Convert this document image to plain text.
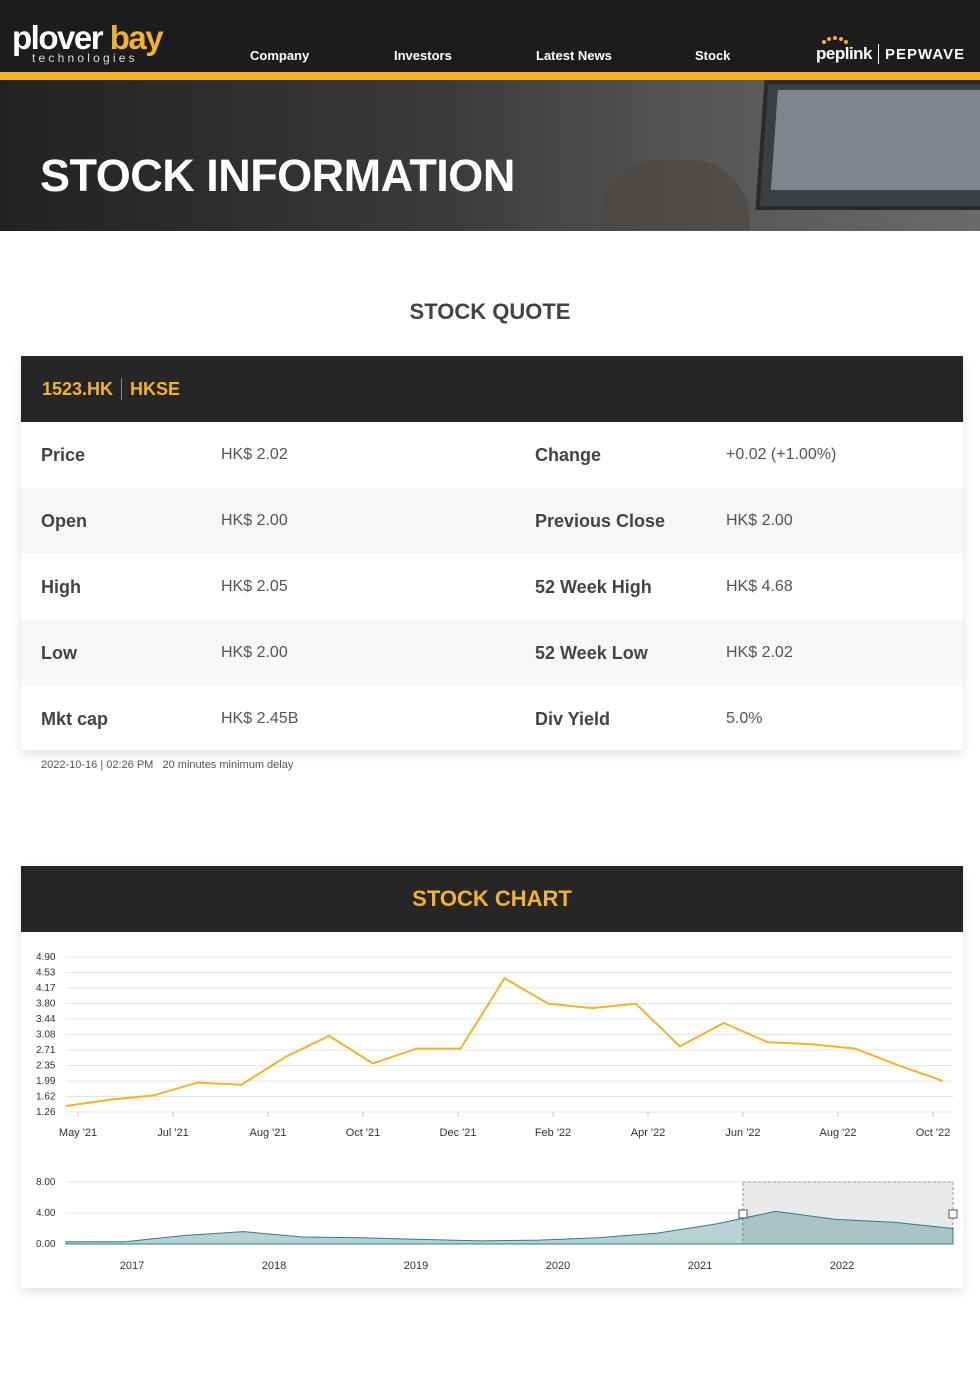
plover bay
technologies	Company	Investors	Latest News	Stock	peplink PEPWAVE
STOCK INFORMATION
STOCK QUOTE
1523.HK HKSE
Price	HK$ 2.02	Change	+0.02 (+1.00%)
Open	HK$ 2.00	Previous Close	HK$ 2.00
High	HK$ 2.05	52 Week High	HK$ 4.68
Low	HK$ 2.00	52 Week Low	HK$ 2.02
Mkt cap	HK$ 2.45B	Div Yield	5.0%
2022-10-16 | 02:26 PM 20 minutes minimum delay
STOCK CHART
4.90
4.53
4.17
3.80
3.44
3.08
2.71
2.35
1.99
1.62
1.26
May '21	Jul '21	Aug '21	Oct '21	Dec '21	Feb '22	Apr '22	Jun '22	Aug '22	Oct '22
8.00
4.00
0.00
2017	2018	2019	2020	2021	2022
